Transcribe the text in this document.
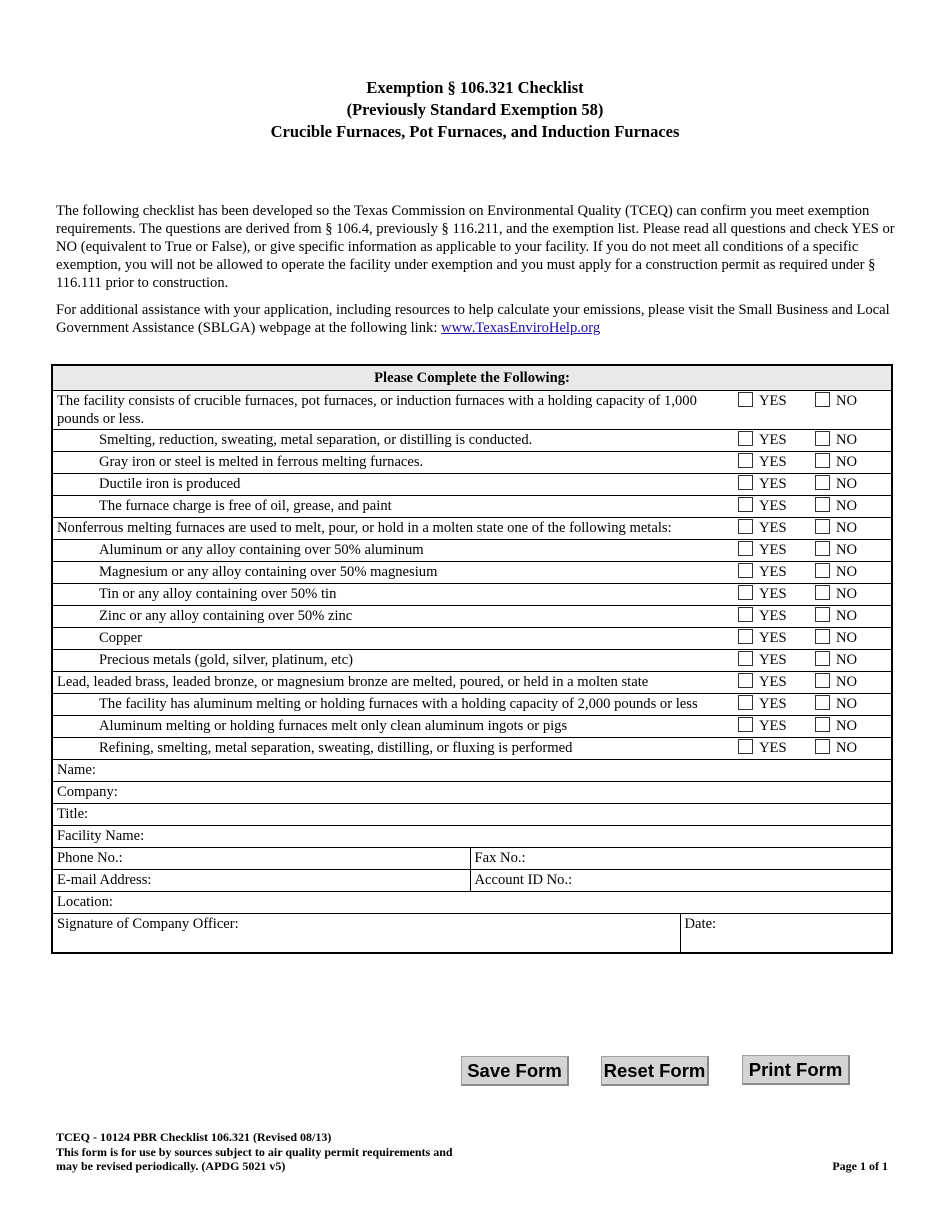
Exemption § 106.321 Checklist
(Previously Standard Exemption 58)
Crucible Furnaces, Pot Furnaces, and Induction Furnaces

The following checklist has been developed so the Texas Commission on Environmental Quality (TCEQ) can confirm you meet exemption requirements. The questions are derived from § 106.4, previously § 116.211, and the exemption list. Please read all questions and check YES or NO (equivalent to True or False), or give specific information as applicable to your facility. If you do not meet all conditions of a specific exemption, you will not be allowed to operate the facility under exemption and you must apply for a construction permit as required under § 116.111 prior to construction.

For additional assistance with your application, including resources to help calculate your emissions, please visit the Small Business and Local Government Assistance (SBLGA) webpage at the following link: www.TexasEnviroHelp.org

Please Complete the Following:			
The facility consists of crucible furnaces, pot furnaces, or induction furnaces with a holding capacity of 1,000 pounds or less.			YES NO
Smelting, reduction, sweating, metal separation, or distilling is conducted.			YES NO
Gray iron or steel is melted in ferrous melting furnaces.			YES NO
Ductile iron is produced			YES NO
The furnace charge is free of oil, grease, and paint			YES NO
Nonferrous melting furnaces are used to melt, pour, or hold in a molten state one of the following metals:			YES NO
Aluminum or any alloy containing over 50% aluminum			YES NO
Magnesium or any alloy containing over 50% magnesium			YES NO
Tin or any alloy containing over 50% tin			YES NO
Zinc or any alloy containing over 50% zinc			YES NO
Copper			YES NO
Precious metals (gold, silver, platinum, etc)			YES NO
Lead, leaded brass, leaded bronze, or magnesium bronze are melted, poured, or held in a molten state			YES NO
The facility has aluminum melting or holding furnaces with a holding capacity of 2,000 pounds or less			YES NO
Aluminum melting or holding furnaces melt only clean aluminum ingots or pigs			YES NO
Refining, smelting, metal separation, sweating, distilling, or fluxing is performed			YES NO
Name:			
Company:			
Title:			
Facility Name:			
Phone No.:	Fax No.:		
E-mail Address:	Account ID No.:		
Location:			
Signature of Company Officer:		Date:	
Save Form	Reset Form	Print Form
TCEQ - 10124 PBR Checklist 106.321 (Revised 08/13)
This form is for use by sources subject to air quality permit requirements and
may be revised periodically. (APDG 5021 v5)	Page 1 of 1
